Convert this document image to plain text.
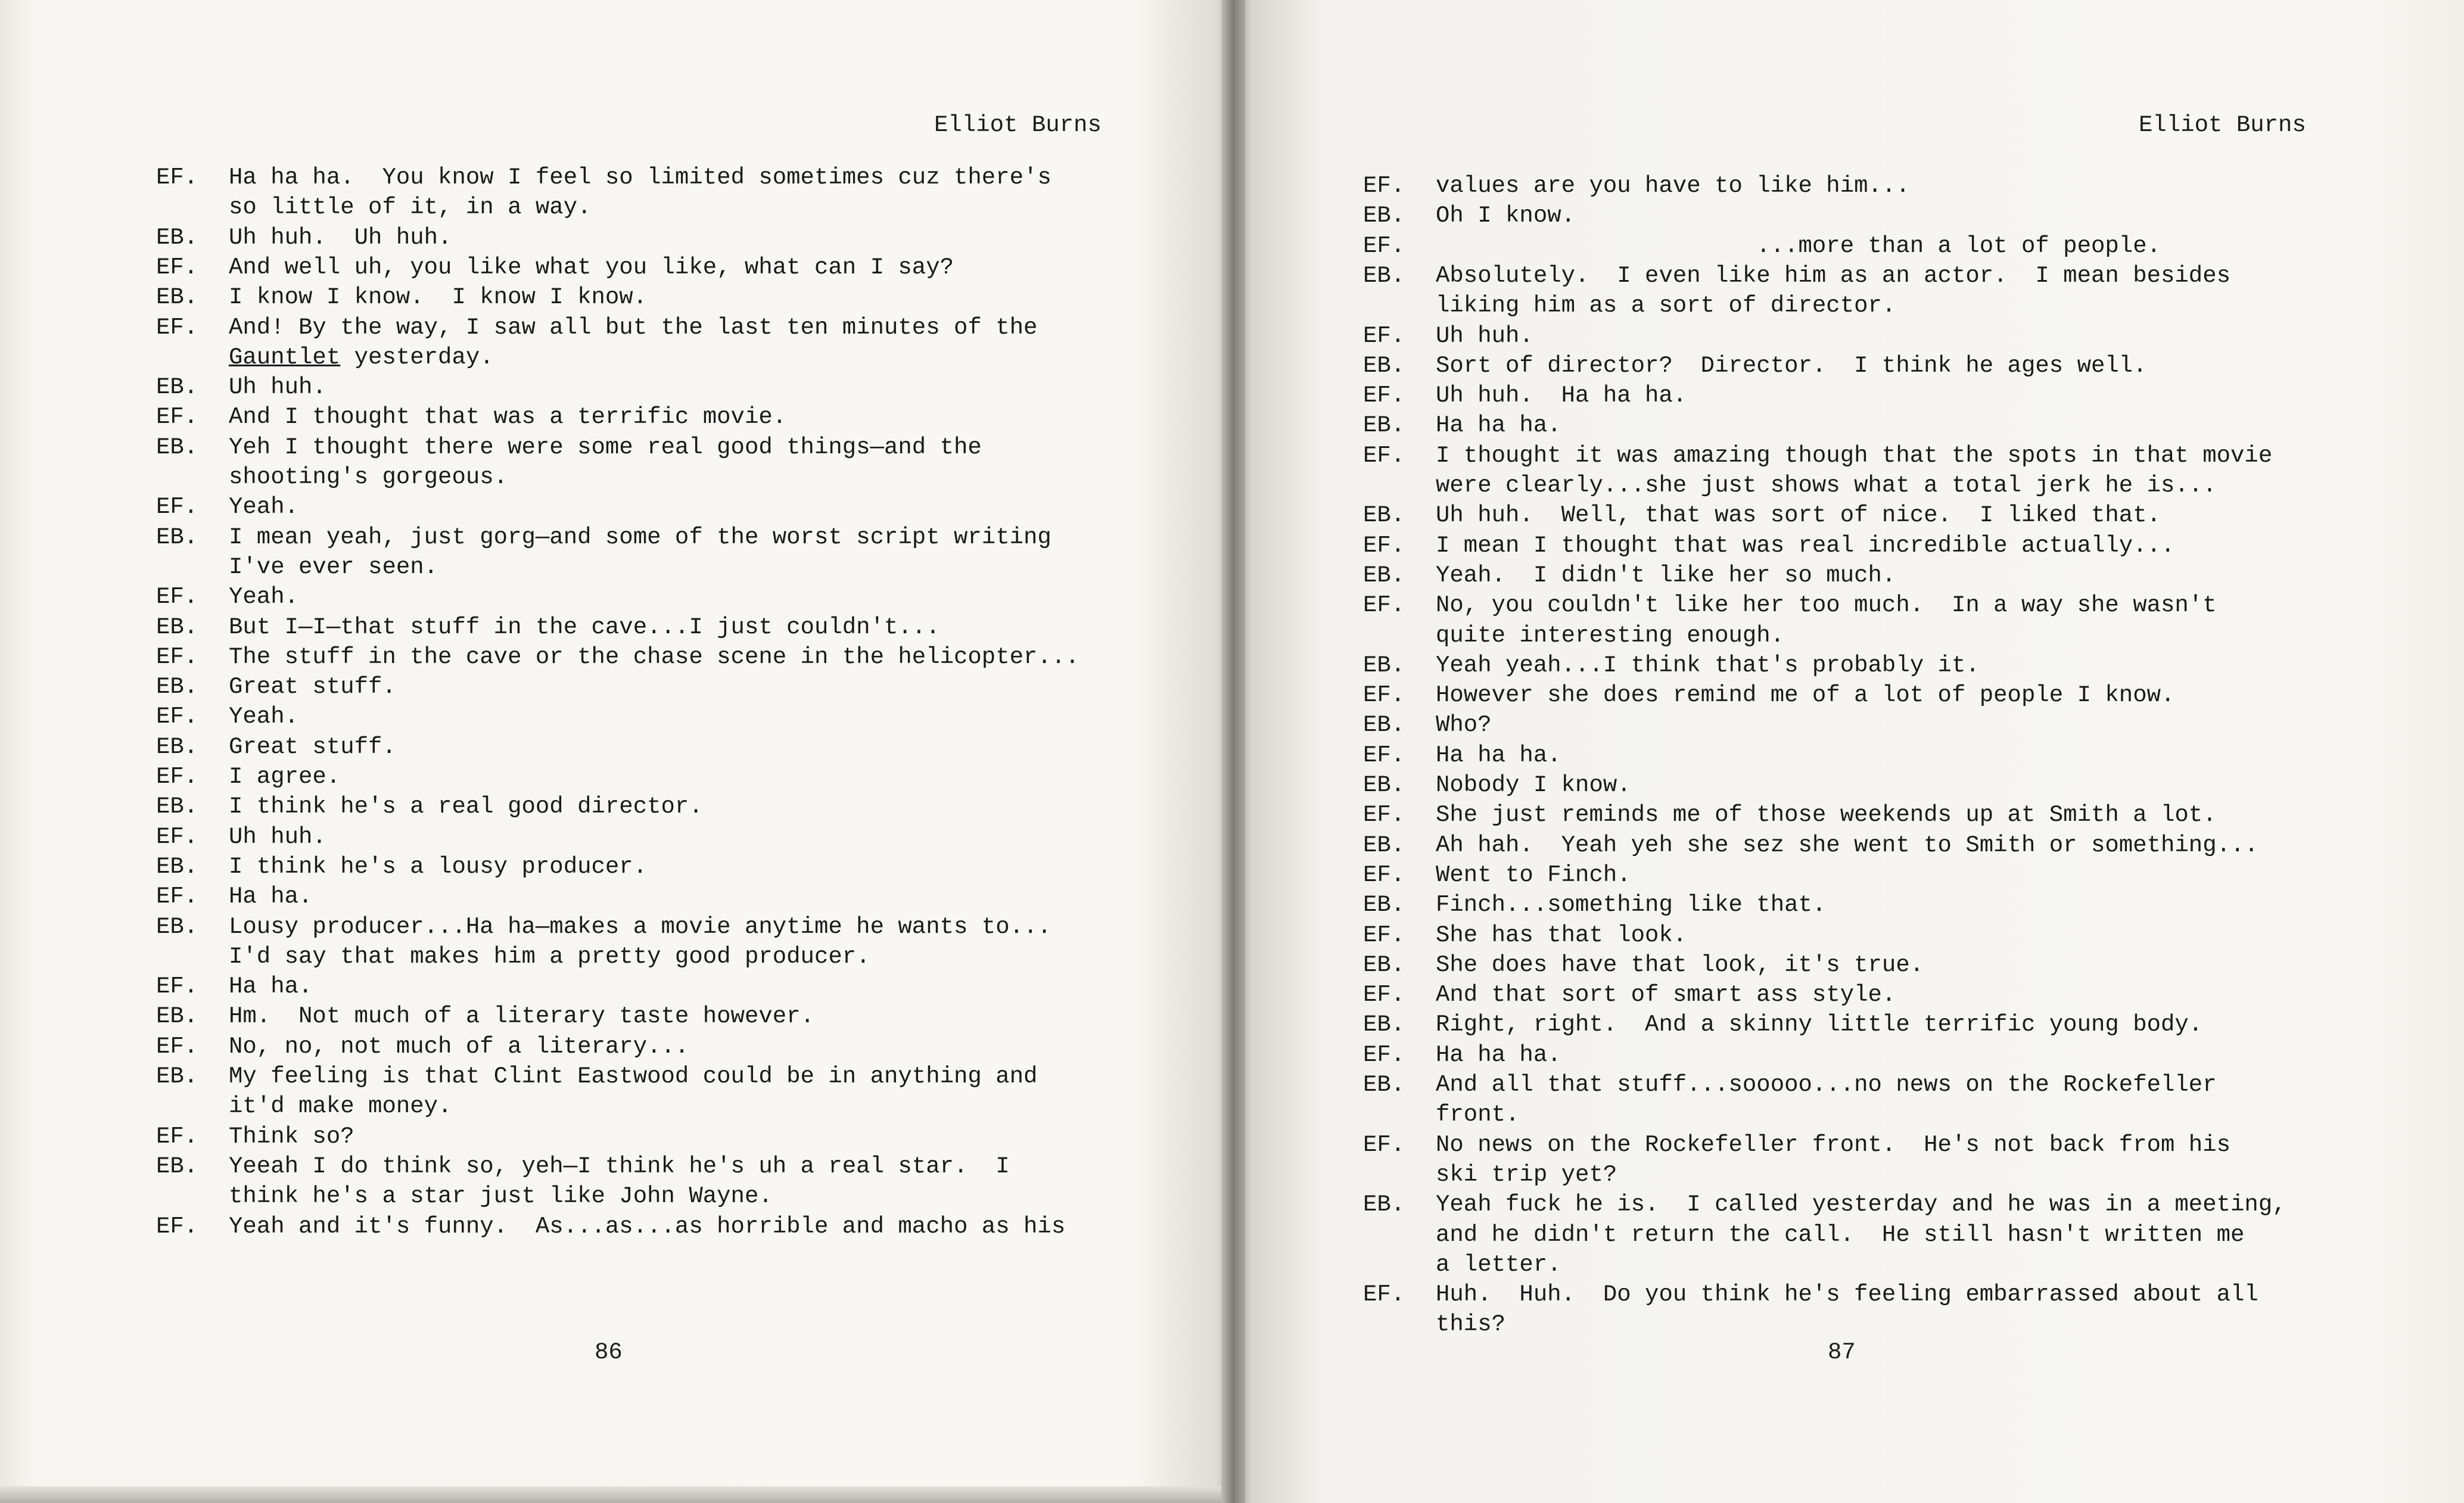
Elliot Burns
EF. Ha ha ha.  You know I feel so limited sometimes cuz there's
so little of it, in a way.
EB. Uh huh.  Uh huh.
EF. And well uh, you like what you like, what can I say?
EB. I know I know.  I know I know.
EF. And! By the way, I saw all but the last ten minutes of the
Gauntlet yesterday.
EB. Uh huh.
EF. And I thought that was a terrific movie.
EB. Yeh I thought there were some real good things—and the
shooting's gorgeous.
EF. Yeah.
EB. I mean yeah, just gorg—and some of the worst script writing
I've ever seen.
EF. Yeah.
EB. But I—I—that stuff in the cave...I just couldn't...
EF. The stuff in the cave or the chase scene in the helicopter...
EB. Great stuff.
EF. Yeah.
EB. Great stuff.
EF. I agree.
EB. I think he's a real good director.
EF. Uh huh.
EB. I think he's a lousy producer.
EF. Ha ha.
EB. Lousy producer...Ha ha—makes a movie anytime he wants to...
I'd say that makes him a pretty good producer.
EF. Ha ha.
EB. Hm.  Not much of a literary taste however.
EF. No, no, not much of a literary...
EB. My feeling is that Clint Eastwood could be in anything and
it'd make money.
EF. Think so?
EB. Yeeah I do think so, yeh—I think he's uh a real star.  I
think he's a star just like John Wayne.
EF. Yeah and it's funny.  As...as...as horrible and macho as his
86
Elliot Burns
EF. values are you have to like him...
EB. Oh I know.
EF. ...more than a lot of people.
EB. Absolutely.  I even like him as an actor.  I mean besides
liking him as a sort of director.
EF. Uh huh.
EB. Sort of director?  Director.  I think he ages well.
EF. Uh huh.  Ha ha ha.
EB. Ha ha ha.
EF. I thought it was amazing though that the spots in that movie
were clearly...she just shows what a total jerk he is...
EB. Uh huh.  Well, that was sort of nice.  I liked that.
EF. I mean I thought that was real incredible actually...
EB. Yeah.  I didn't like her so much.
EF. No, you couldn't like her too much.  In a way she wasn't
quite interesting enough.
EB. Yeah yeah...I think that's probably it.
EF. However she does remind me of a lot of people I know.
EB. Who?
EF. Ha ha ha.
EB. Nobody I know.
EF. She just reminds me of those weekends up at Smith a lot.
EB. Ah hah.  Yeah yeh she sez she went to Smith or something...
EF. Went to Finch.
EB. Finch...something like that.
EF. She has that look.
EB. She does have that look, it's true.
EF. And that sort of smart ass style.
EB. Right, right.  And a skinny little terrific young body.
EF. Ha ha ha.
EB. And all that stuff...sooooo...no news on the Rockefeller
front.
EF. No news on the Rockefeller front.  He's not back from his
ski trip yet?
EB. Yeah fuck he is.  I called yesterday and he was in a meeting,
and he didn't return the call.  He still hasn't written me
a letter.
EF. Huh.  Huh.  Do you think he's feeling embarrassed about all
this?
87
